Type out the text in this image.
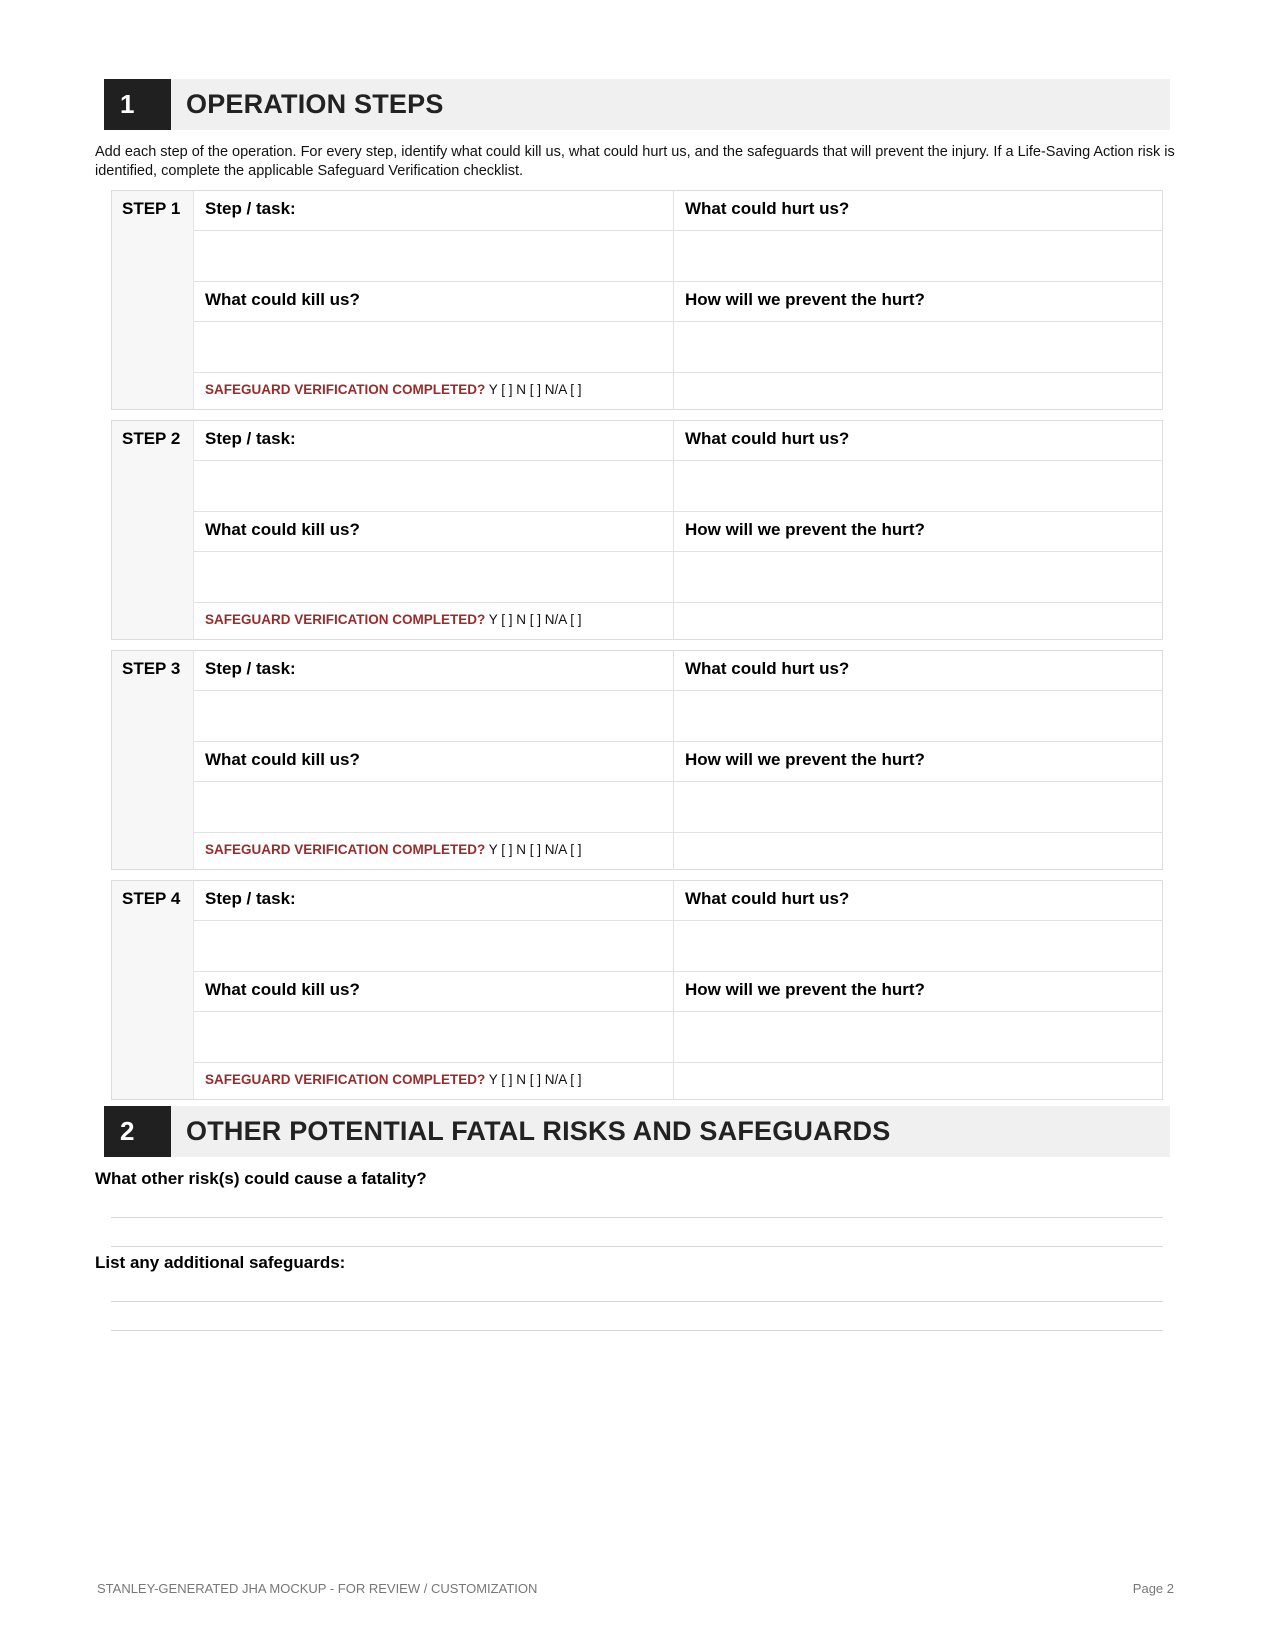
1	OPERATION STEPS
Add each step of the operation. For every step, identify what could kill us, what could hurt us, and the safeguards that will prevent the injury. If a Life-Saving Action risk is identified, complete the applicable Safeguard Verification checklist.
STEP 1 Step / task:	What could hurt us?
What could kill us?	How will we prevent the hurt?
SAFEGUARD VERIFICATION COMPLETED? Y [ ] N [ ] N/A [ ]
STEP 2 Step / task:	What could hurt us?
What could kill us?	How will we prevent the hurt?
SAFEGUARD VERIFICATION COMPLETED? Y [ ] N [ ] N/A [ ]
STEP 3 Step / task:	What could hurt us?
What could kill us?	How will we prevent the hurt?
SAFEGUARD VERIFICATION COMPLETED? Y [ ] N [ ] N/A [ ]
STEP 4 Step / task:	What could hurt us?
What could kill us?	How will we prevent the hurt?
SAFEGUARD VERIFICATION COMPLETED? Y [ ] N [ ] N/A [ ]
2	OTHER POTENTIAL FATAL RISKS AND SAFEGUARDS
What other risk(s) could cause a fatality?
List any additional safeguards:
STANLEY-GENERATED JHA MOCKUP - FOR REVIEW / CUSTOMIZATION	Page 2
